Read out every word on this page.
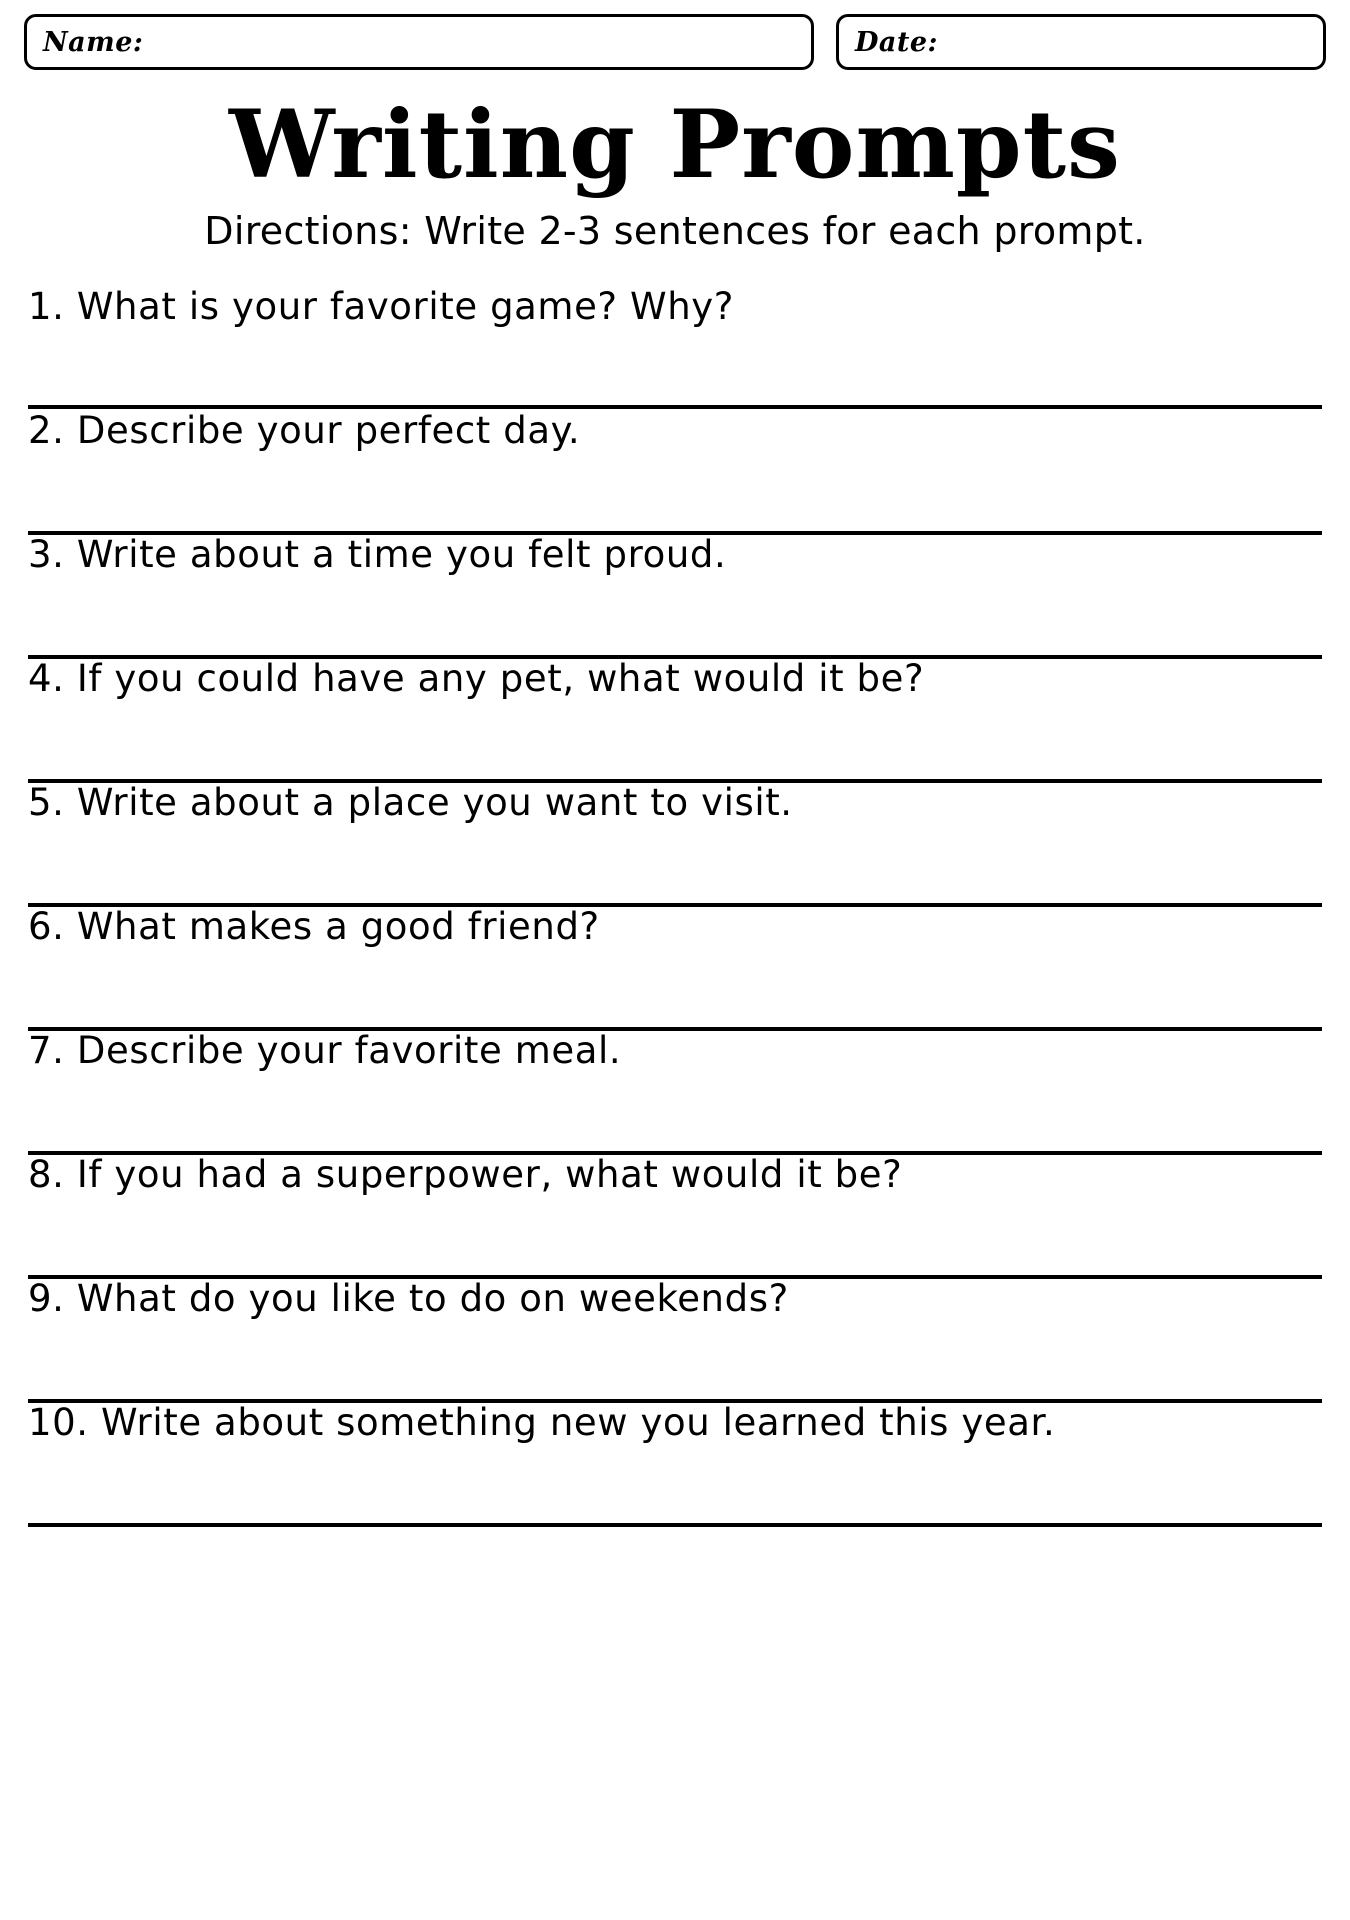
Name:	Date:
Writing Prompts
Directions: Write 2-3 sentences for each prompt.
1. What is your favorite game? Why?
2. Describe your perfect day.
3. Write about a time you felt proud.
4. If you could have any pet, what would it be?
5. Write about a place you want to visit.
6. What makes a good friend?
7. Describe your favorite meal.
8. If you had a superpower, what would it be?
9. What do you like to do on weekends?
10. Write about something new you learned this year.
